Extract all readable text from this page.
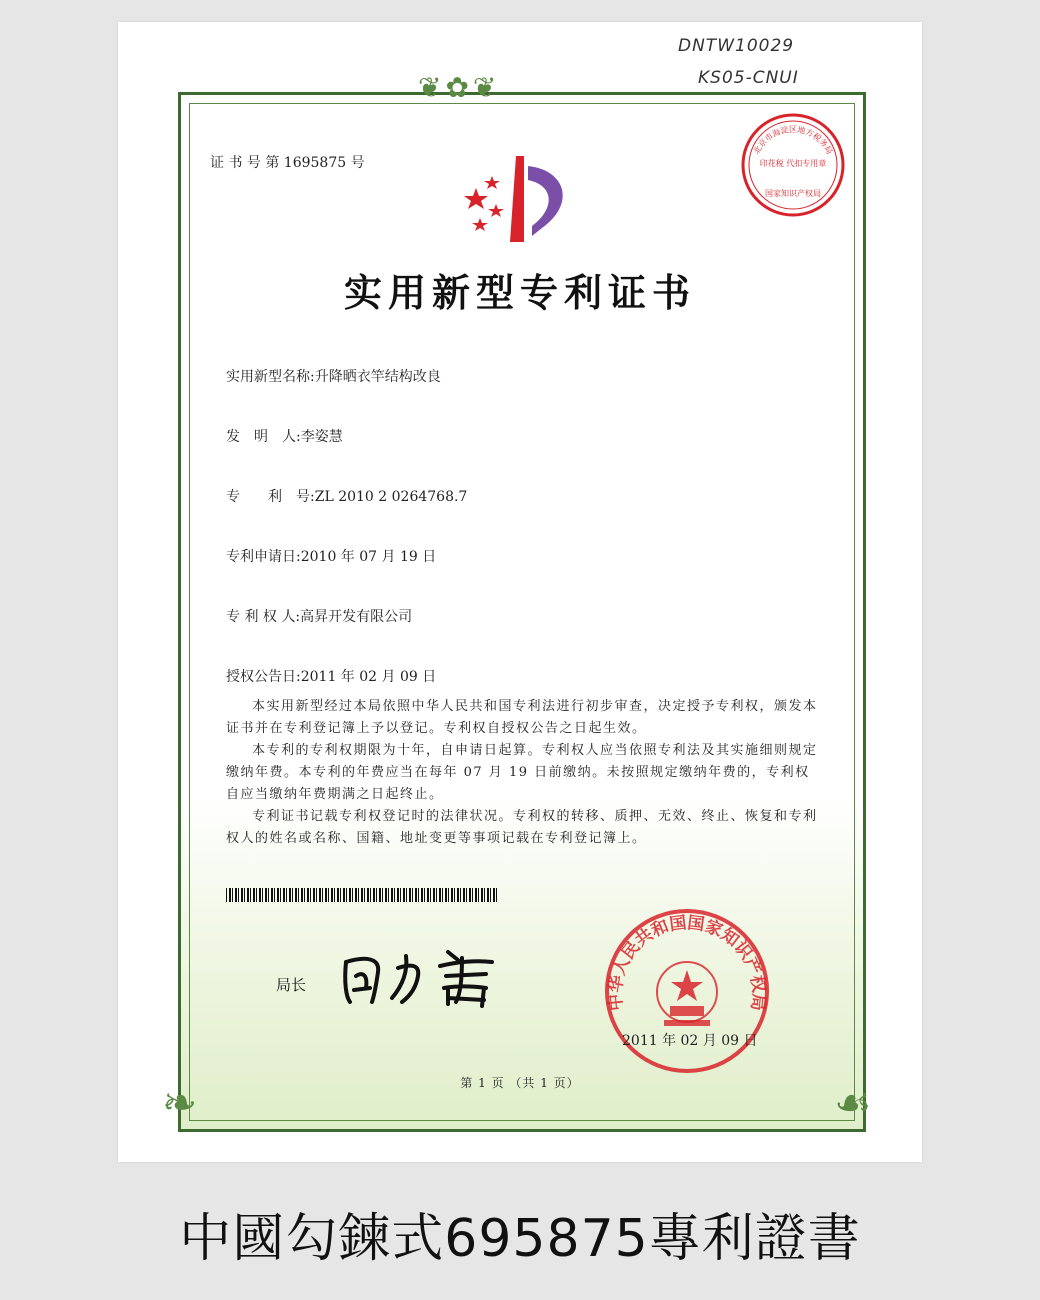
DNTW10029
KS05-CNUI
❦✿❦
❧	☙
证 书 号 第 1695875 号
北京市海淀区地方税务局
印花税 代扣专用章
国家知识产权局
实用新型专利证书
实用新型名称:升降晒衣竿结构改良
发　明　人:李姿慧
专　　利　号:ZL 2010 2 0264768.7
专利申请日:2010 年 07 月 19 日
专 利 权 人:高昇开发有限公司
授权公告日:2011 年 02 月 09 日

本实用新型经过本局依照中华人民共和国专利法进行初步审查，决定授予专利权，颁发本证书并在专利登记簿上予以登记。专利权自授权公告之日起生效。

本专利的专利权期限为十年，自申请日起算。专利权人应当依照专利法及其实施细则规定缴纳年费。本专利的年费应当在每年 07 月 19 日前缴纳。未按照规定缴纳年费的，专利权自应当缴纳年费期满之日起终止。

专利证书记载专利权登记时的法律状况。专利权的转移、质押、无效、终止、恢复和专利权人的姓名或名称、国籍、地址变更等事项记载在专利登记簿上。

局长
中华人民共和国国家知识产权局
2011 年 02 月 09 日
第 1 页 （共 1 页）
中國勾鍊式695875專利證書
